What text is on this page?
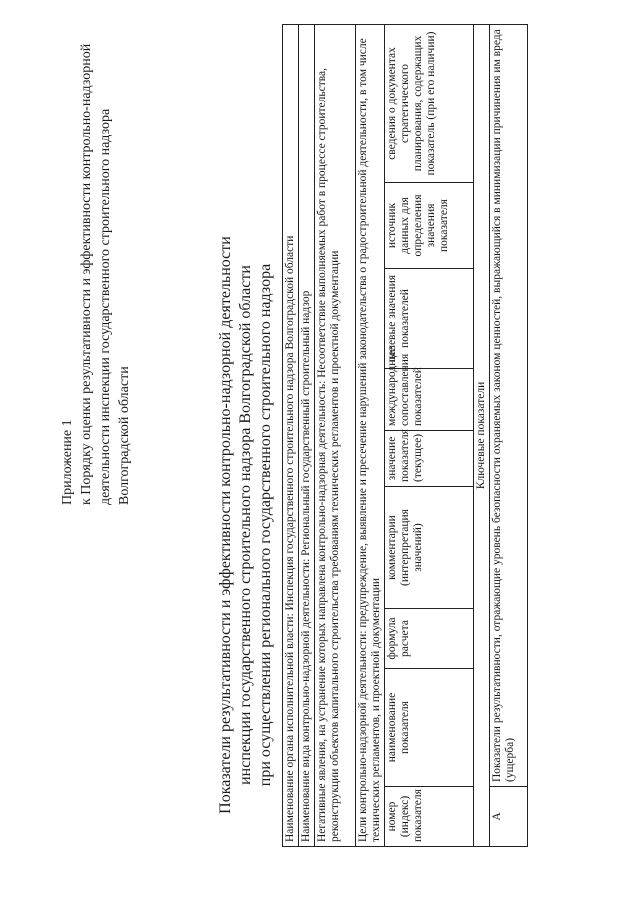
Приложение 1 к Порядку оценки результативности и эффективности контрольно-надзорной деятельности инспекции государственного строительного надзора Волгоградской области	Показатели результативности и эффективности контрольно-надзорной деятельности инспекции государственного строительного надзора Волгоградской области при осуществлении регионального государственного строительного надзора Наименование органа исполнительной власти: Инспекция государственного строительного надзора Волгоградской области								
Наименование вида контрольно-надзорной деятельности: Региональный государственный строительный надзор								
Негативные явления, на устранение которых направлена контрольно-надзорная деятельность: Несоответствие выполняемых работ в процессе строительства, реконструкции объектов капитального строительства требованиям технических регламентов и проектной документации								
Цели контрольно-надзорной деятельности: предупреждение, выявление и пресечение нарушений законодательства о градостроительной деятельности, в том числе технических регламентов, и проектной документации								
номер (индекс) показателя	наименование показателя	формула расчета	комментарии (интерпретация значений)	значение показателя (текущее)	международные сопоставления показателей	целевые значения показателей	источник данных для определения значения показателя	сведения о документах стратегического планирования, содержащих показатель (при его наличии)
Ключевые показатели								
А	Показатели результативности, отражающие уровень безопасности охраняемых законом ценностей, выражающийся в минимизации причинения им вреда (ущерба)							
